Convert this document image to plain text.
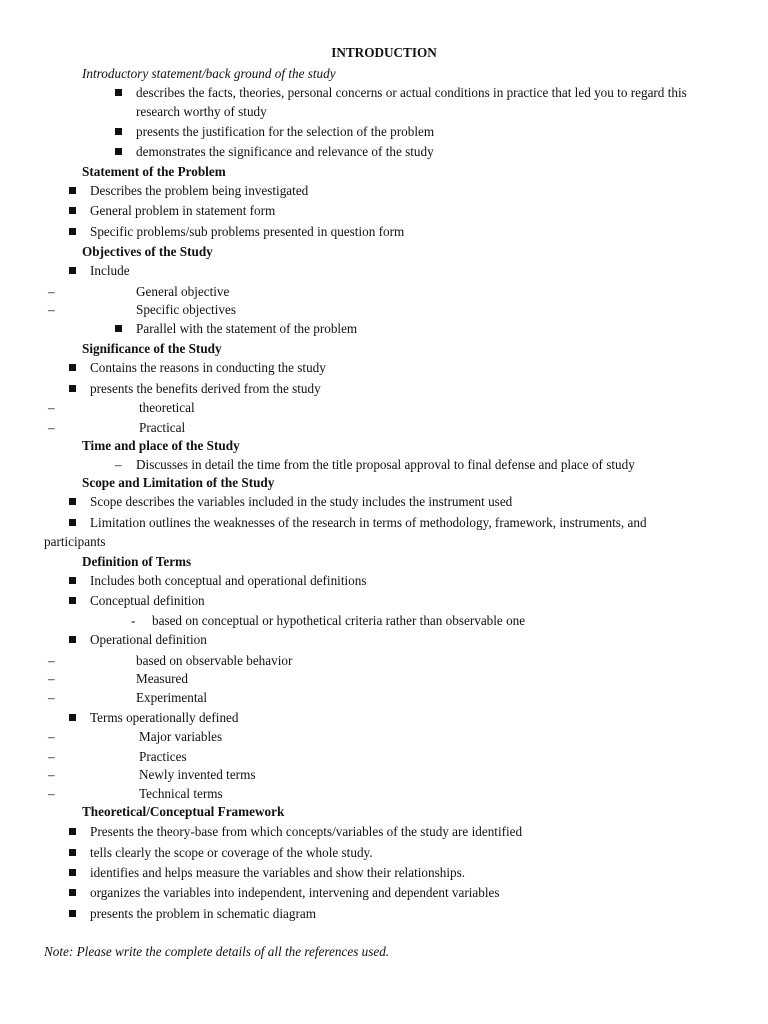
INTRODUCTION
Introductory statement/back ground of the study
describes the facts, theories, personal concerns or actual conditions in practice that led you to regard this
research worthy of study
presents the justification for the selection of the problem
demonstrates the significance and relevance of the study
Statement of the Problem
Describes the problem being investigated
General problem in statement form
Specific problems/sub problems presented in question form
Objectives of the Study
Include
–	General objective
–	Specific objectives
Parallel with the statement of the problem
Significance of the Study
Contains the reasons in conducting the study
presents the benefits derived from the study
–	theoretical
–	Practical
Time and place of the Study
– Discusses in detail the time from the title proposal approval to final defense and place of study
Scope and Limitation of the Study
Scope describes the variables included in the study includes the instrument used
Limitation outlines the weaknesses of the research in terms of methodology, framework, instruments, and
participants
Definition of Terms
Includes both conceptual and operational definitions
Conceptual definition
- based on conceptual or hypothetical criteria rather than observable one
Operational definition
–	based on observable behavior
–	Measured
–	Experimental
Terms operationally defined
–	Major variables
–	Practices
–	Newly invented terms
–	Technical terms
Theoretical/Conceptual Framework
Presents the theory-base from which concepts/variables of the study are identified
tells clearly the scope or coverage of the whole study.
identifies and helps measure the variables and show their relationships.
organizes the variables into independent, intervening and dependent variables
presents the problem in schematic diagram
Note: Please write the complete details of all the references used.
